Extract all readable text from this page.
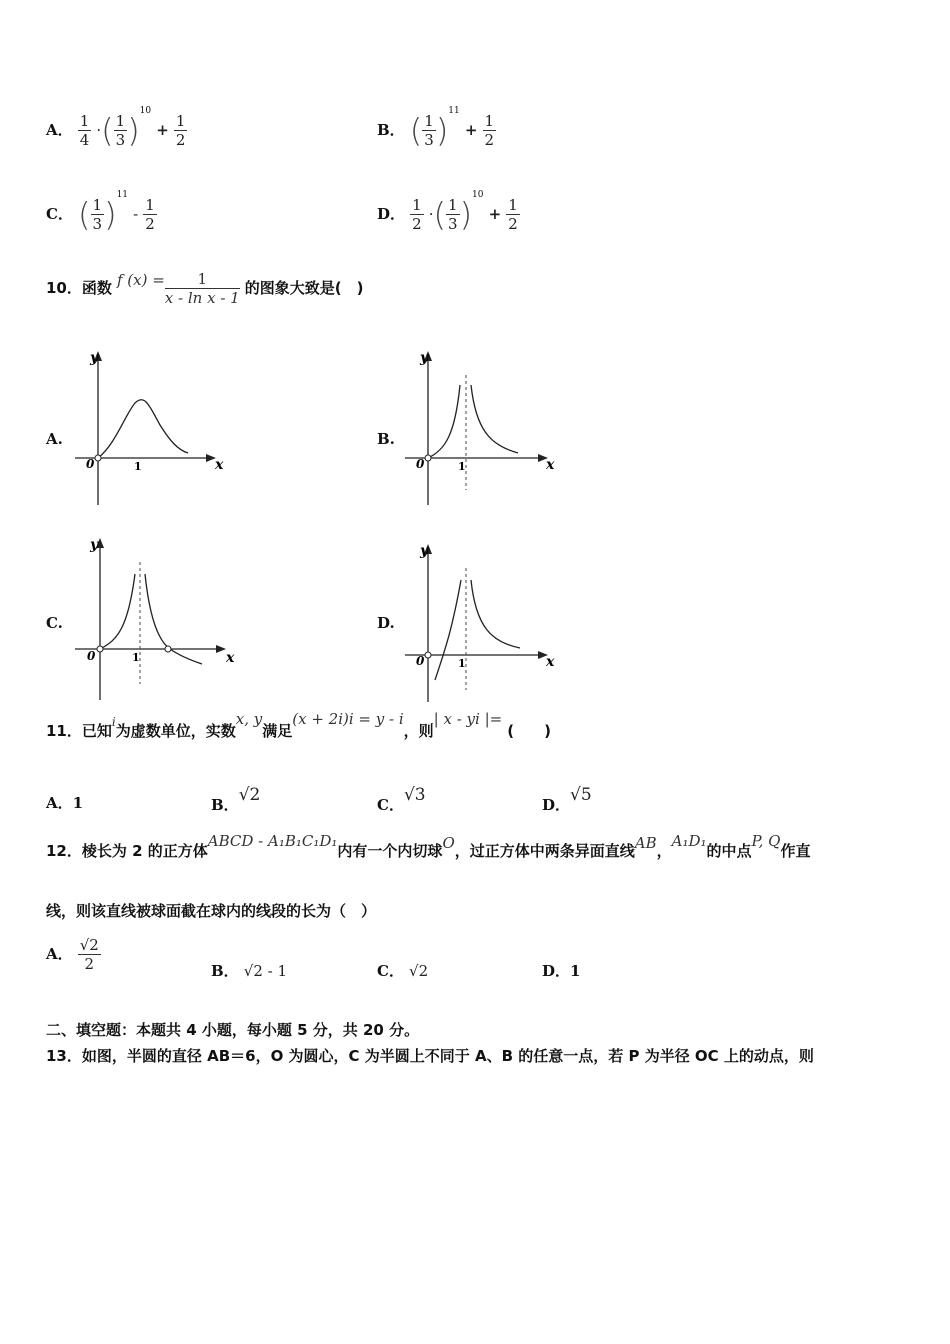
A． $\frac{1}{4}$ ·( $\frac{1}{3} )^{10} + \frac{1}{2}$	B． ( $\frac{1}{3} )^{11} + \frac{1}{2}$
C． ( $\frac{1}{3} )^{11} - \frac{1}{2}$	D． $\frac{1}{2}$ ·( $\frac{1}{3} )^{10} + \frac{1}{2}$
10．函数 f $(x) = \frac{1}{\text{x - ln x - 1}}$ 的图象大致是(　)
A.
y
x
0	1
B.
y
x
0	1
C.
y
x
0	1
D.
y
x
0	1
11．已知$^i$为虚数单位，实数x, y满足(x + 2i)i = y - i，则| x - yi |= (　　)
A．1	B．√2	C．√3	D．√5
12．棱长为 2 的正方体ABCD - A₁B₁C₁D₁内有一个内切球O，过正方体中两条异面直线AB，A₁D₁的中点P, Q作直
线，则该直线被球面截在球内的线段的长为（　）
A． $\frac{√2}{2}$	B． √2 - 1	C． √2	D．1
二、填空题：本题共 4 小题，每小题 5 分，共 20 分。
13．如图，半圆的直径 AB＝6，O 为圆心，C 为半圆上不同于 A、B 的任意一点，若 P 为半径 OC 上的动点，则
